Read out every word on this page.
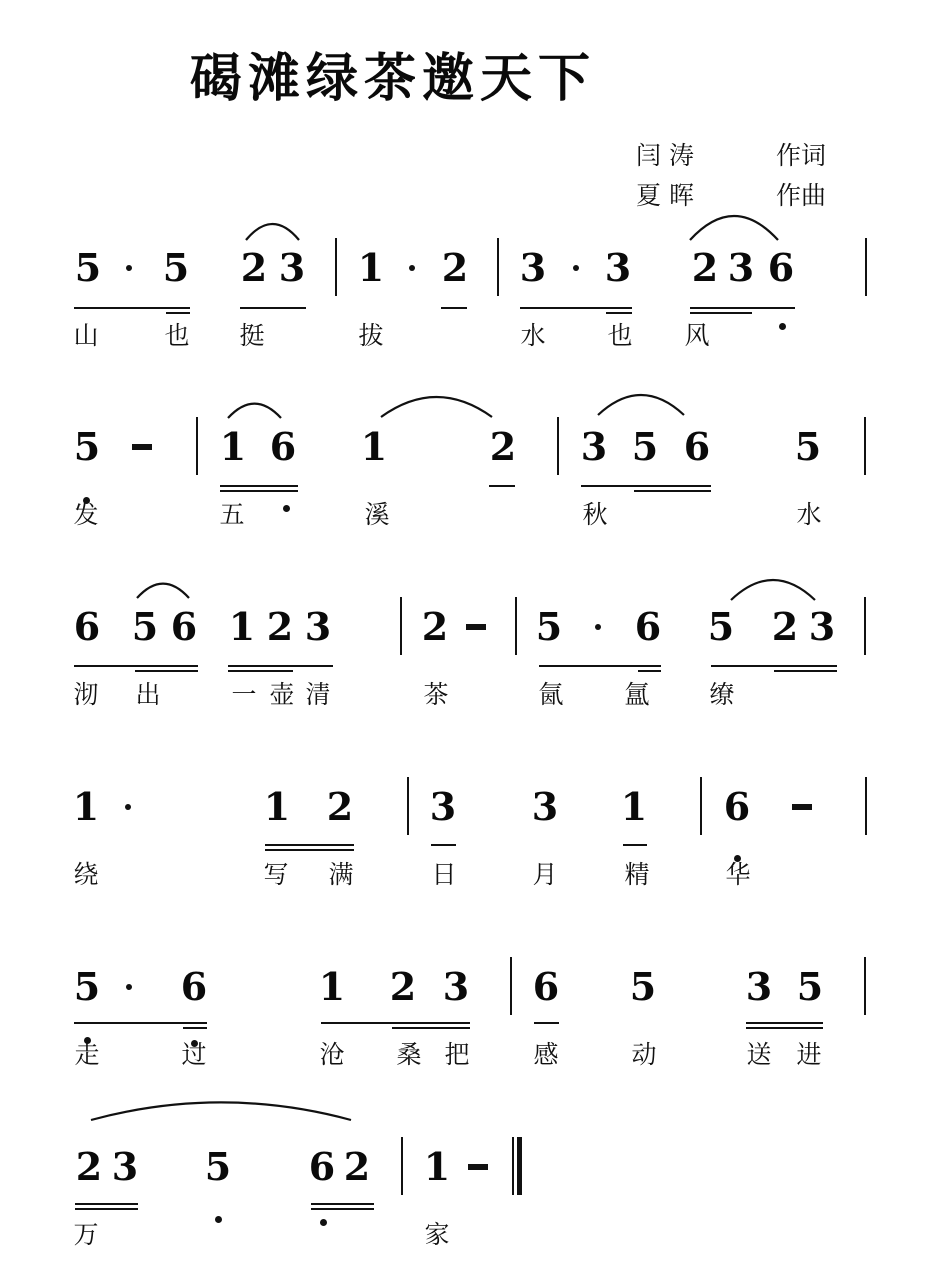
碣滩绿茶邀天下
闫 涛	作词
夏 晖	作曲
5 5 2 3 1 2 3 3 2 3 6
山	也 挺	拔	水 也 风
5	1 6 1	2 3 5 6 5
发	五	溪	秋	水
6 5 6 1 2 3 2 5 6 5 2 3
沏 出	一 壶 清	茶	氤 氲 缭
1	1 2 3 3 1 6
绕	写 满	日	月	精	华
5 6	1 2 3 6 5 3 5
走	过	沧 桑 把	感	动	送 进
2 3 5 6 2 1
万	家
